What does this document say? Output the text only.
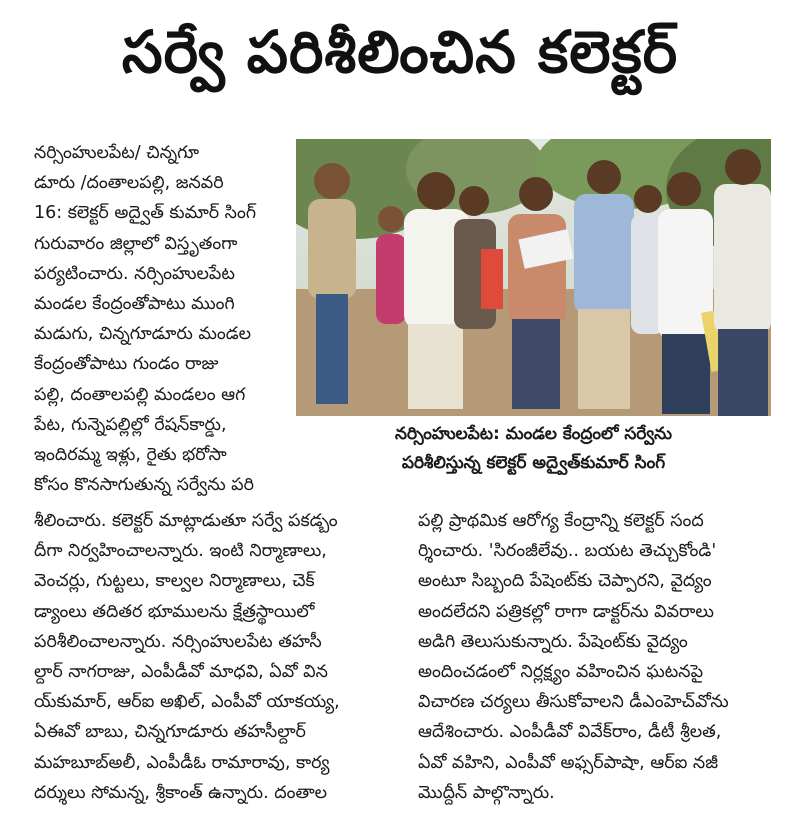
సర్వే పరిశీలించిన కలెక్టర్
నర్సింహులపేట/ చిన్నగూ
డూరు /దంతాలపల్లి, జనవరి
16: కలెక్టర్ అద్వైత్ కుమార్ సింగ్
గురువారం జిల్లాలో విస్తృతంగా
పర్యటించారు. నర్సింహులపేట
మండల కేంద్రంతోపాటు ముంగి
మడుగు, చిన్నగూడూరు మండల
కేంద్రంతోపాటు గుండం రాజు
పల్లి, దంతాలపల్లి మండలం ఆగ
పేట, గున్నెపల్లిల్లో రేషన్‌కార్డు,
ఇందిరమ్మ ఇళ్లు, రైతు భరోసా
కోసం కొనసాగుతున్న సర్వేను పరి
నర్సింహులపేట: మండల కేంద్రంలో సర్వేను
పరిశీలిస్తున్న కలెక్టర్ అద్వైత్‌కుమార్ సింగ్
శీలించారు. కలెక్టర్ మాట్లాడుతూ సర్వే పకడ్బం
దీగా నిర్వహించాలన్నారు. ఇంటి నిర్మాణాలు,
వెంచర్లు, గుట్టలు, కాల్వల నిర్మాణాలు, చెక్
డ్యాంలు తదితర భూములను క్షేత్రస్థాయిలో
పరిశీలించాలన్నారు. నర్సింహులపేట తహసీ
ల్దార్ నాగరాజు, ఎంపీడీవో మాధవి, ఏవో విన
య్‌కుమార్, ఆర్‌ఐ అఖిల్, ఎంపీవో యాకయ్య,
ఏఈవో బాబు, చిన్నగూడూరు తహసీల్దార్
మహబూబ్‌అలీ, ఎంపీడీఓ రామారావు, కార్య
దర్శులు సోమన్న, శ్రీకాంత్ ఉన్నారు. దంతాల
పల్లి ప్రాథమిక ఆరోగ్య కేంద్రాన్ని కలెక్టర్ సంద
ర్శించారు. 'సిరంజీలేవు.. బయట తెచ్చుకోండి'
అంటూ సిబ్బంది పేషెంట్‌కు చెప్పారని, వైద్యం
అందలేదని పత్రికల్లో రాగా డాక్టర్‌ను వివరాలు
అడిగి తెలుసుకున్నారు. పేషెంట్‌కు వైద్యం
అందించడంలో నిర్లక్ష్యం వహించిన ఘటనపై
విచారణ చర్యలు తీసుకోవాలని డీఎంహెచ్‌వోను
ఆదేశించారు. ఎంపీడీవో వివేక్‌రాం, డీటీ శ్రీలత,
ఏవో వహిని, ఎంపీవో అఫ్సర్‌పాషా, ఆర్‌ఐ నజీ
మొద్దీన్ పాల్గొన్నారు.
